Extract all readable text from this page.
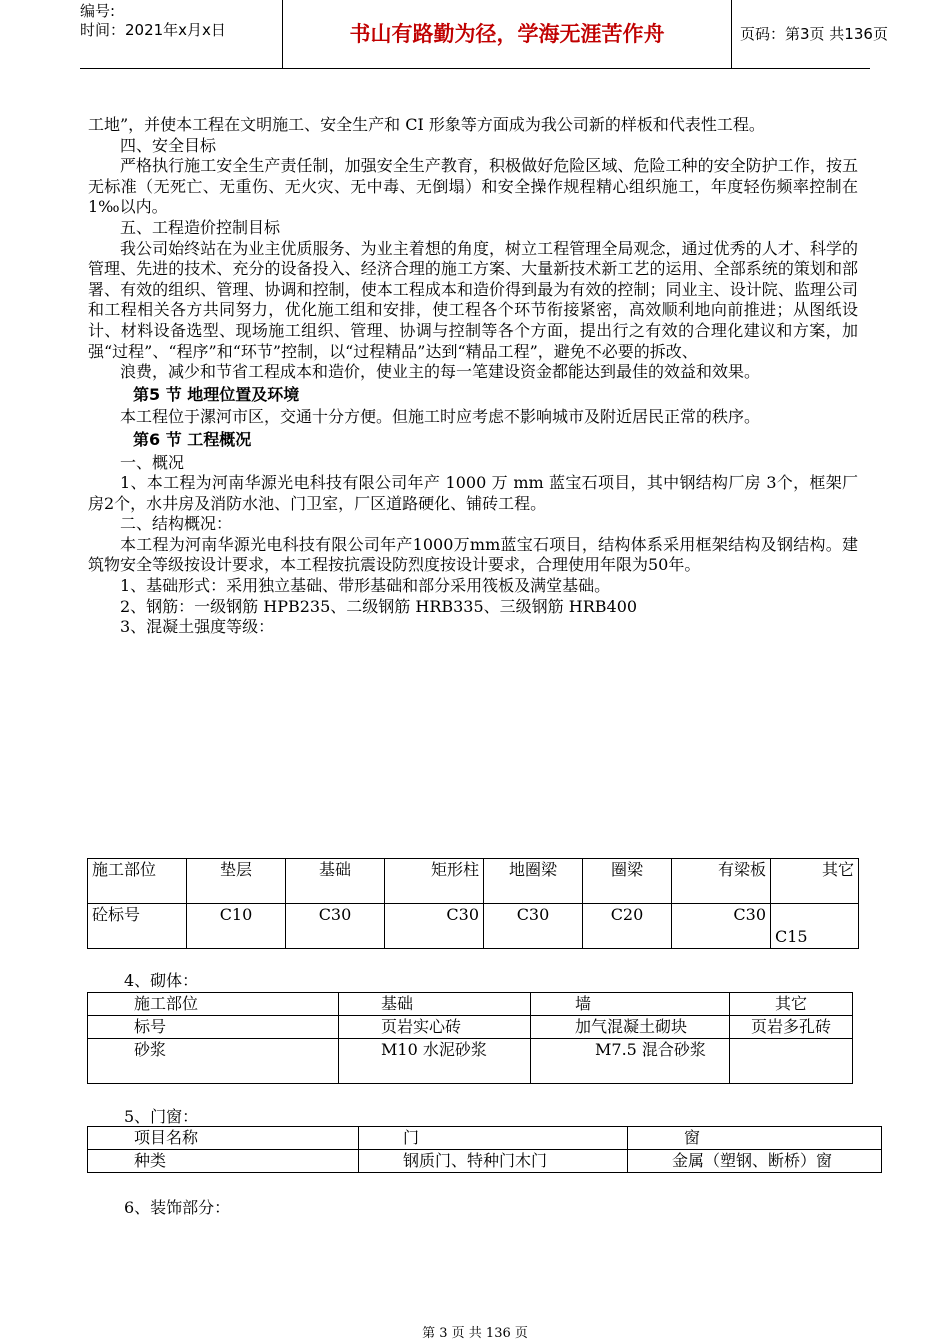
编号:
时间：2021年x月x日	书山有路勤为径，学海无涯苦作舟	页码：第3页 共136页

工地”，并使本工程在文明施工、安全生产和 CI 形象等方面成为我公司新的样板和代表性工程。

四、安全目标

严格执行施工安全生产责任制，加强安全生产教育，积极做好危险区域、危险工种的安全防护工作，按五无标准（无死亡、无重伤、无火灾、无中毒、无倒塌）和安全操作规程精心组织施工，年度轻伤频率控制在1‰以内。

五、工程造价控制目标

我公司始终站在为业主优质服务、为业主着想的角度，树立工程管理全局观念，通过优秀的人才、科学的管理、先进的技术、充分的设备投入、经济合理的施工方案、大量新技术新工艺的运用、全部系统的策划和部署、有效的组织、管理、协调和控制，使本工程成本和造价得到最为有效的控制；同业主、设计院、监理公司和工程相关各方共同努力，优化施工组和安排，使工程各个环节衔接紧密，高效顺利地向前推进；从图纸设计、材料设备选型、现场施工组织、管理、协调与控制等各个方面，提出行之有效的合理化建议和方案，加强“过程”、“程序”和“环节”控制，以“过程精品”达到“精品工程”，避免不必要的拆改、

浪费，减少和节省工程成本和造价，使业主的每一笔建设资金都能达到最佳的效益和效果。

第5 节 地理位置及环境

本工程位于漯河市区，交通十分方便。但施工时应考虑不影响城市及附近居民正常的秩序。

第6 节 工程概况

一、概况

1、本工程为河南华源光电科技有限公司年产 1000 万 mm 蓝宝石项目，其中钢结构厂房 3个，框架厂房2个，水井房及消防水池、门卫室，厂区道路硬化、铺砖工程。

二、结构概况：

本工程为河南华源光电科技有限公司年产1000万mm蓝宝石项目，结构体系采用框架结构及钢结构。建筑物安全等级按设计要求，本工程按抗震设防烈度按设计要求，合理使用年限为50年。

1、基础形式：采用独立基础、带形基础和部分采用筏板及满堂基础。

2、钢筋：一级钢筋 HPB235、二级钢筋 HRB335、三级钢筋 HRB400

3、混凝土强度等级：

施工部位	垫层	基础	矩形柱	地圈梁	圈梁	有梁板	其它
砼标号	C10	C30	C30	C30	C20	C30	C15
4、砌体：
施工部位	基础	墙	其它
标号	页岩实心砖	加气混凝土砌块	页岩多孔砖
砂浆	M10 水泥砂浆	M7.5 混合砂浆	
5、门窗：
项目名称	门	窗
种类	钢质门、特种门木门	金属（塑钢、断桥）窗
6、装饰部分：
第 3 页 共 136 页
